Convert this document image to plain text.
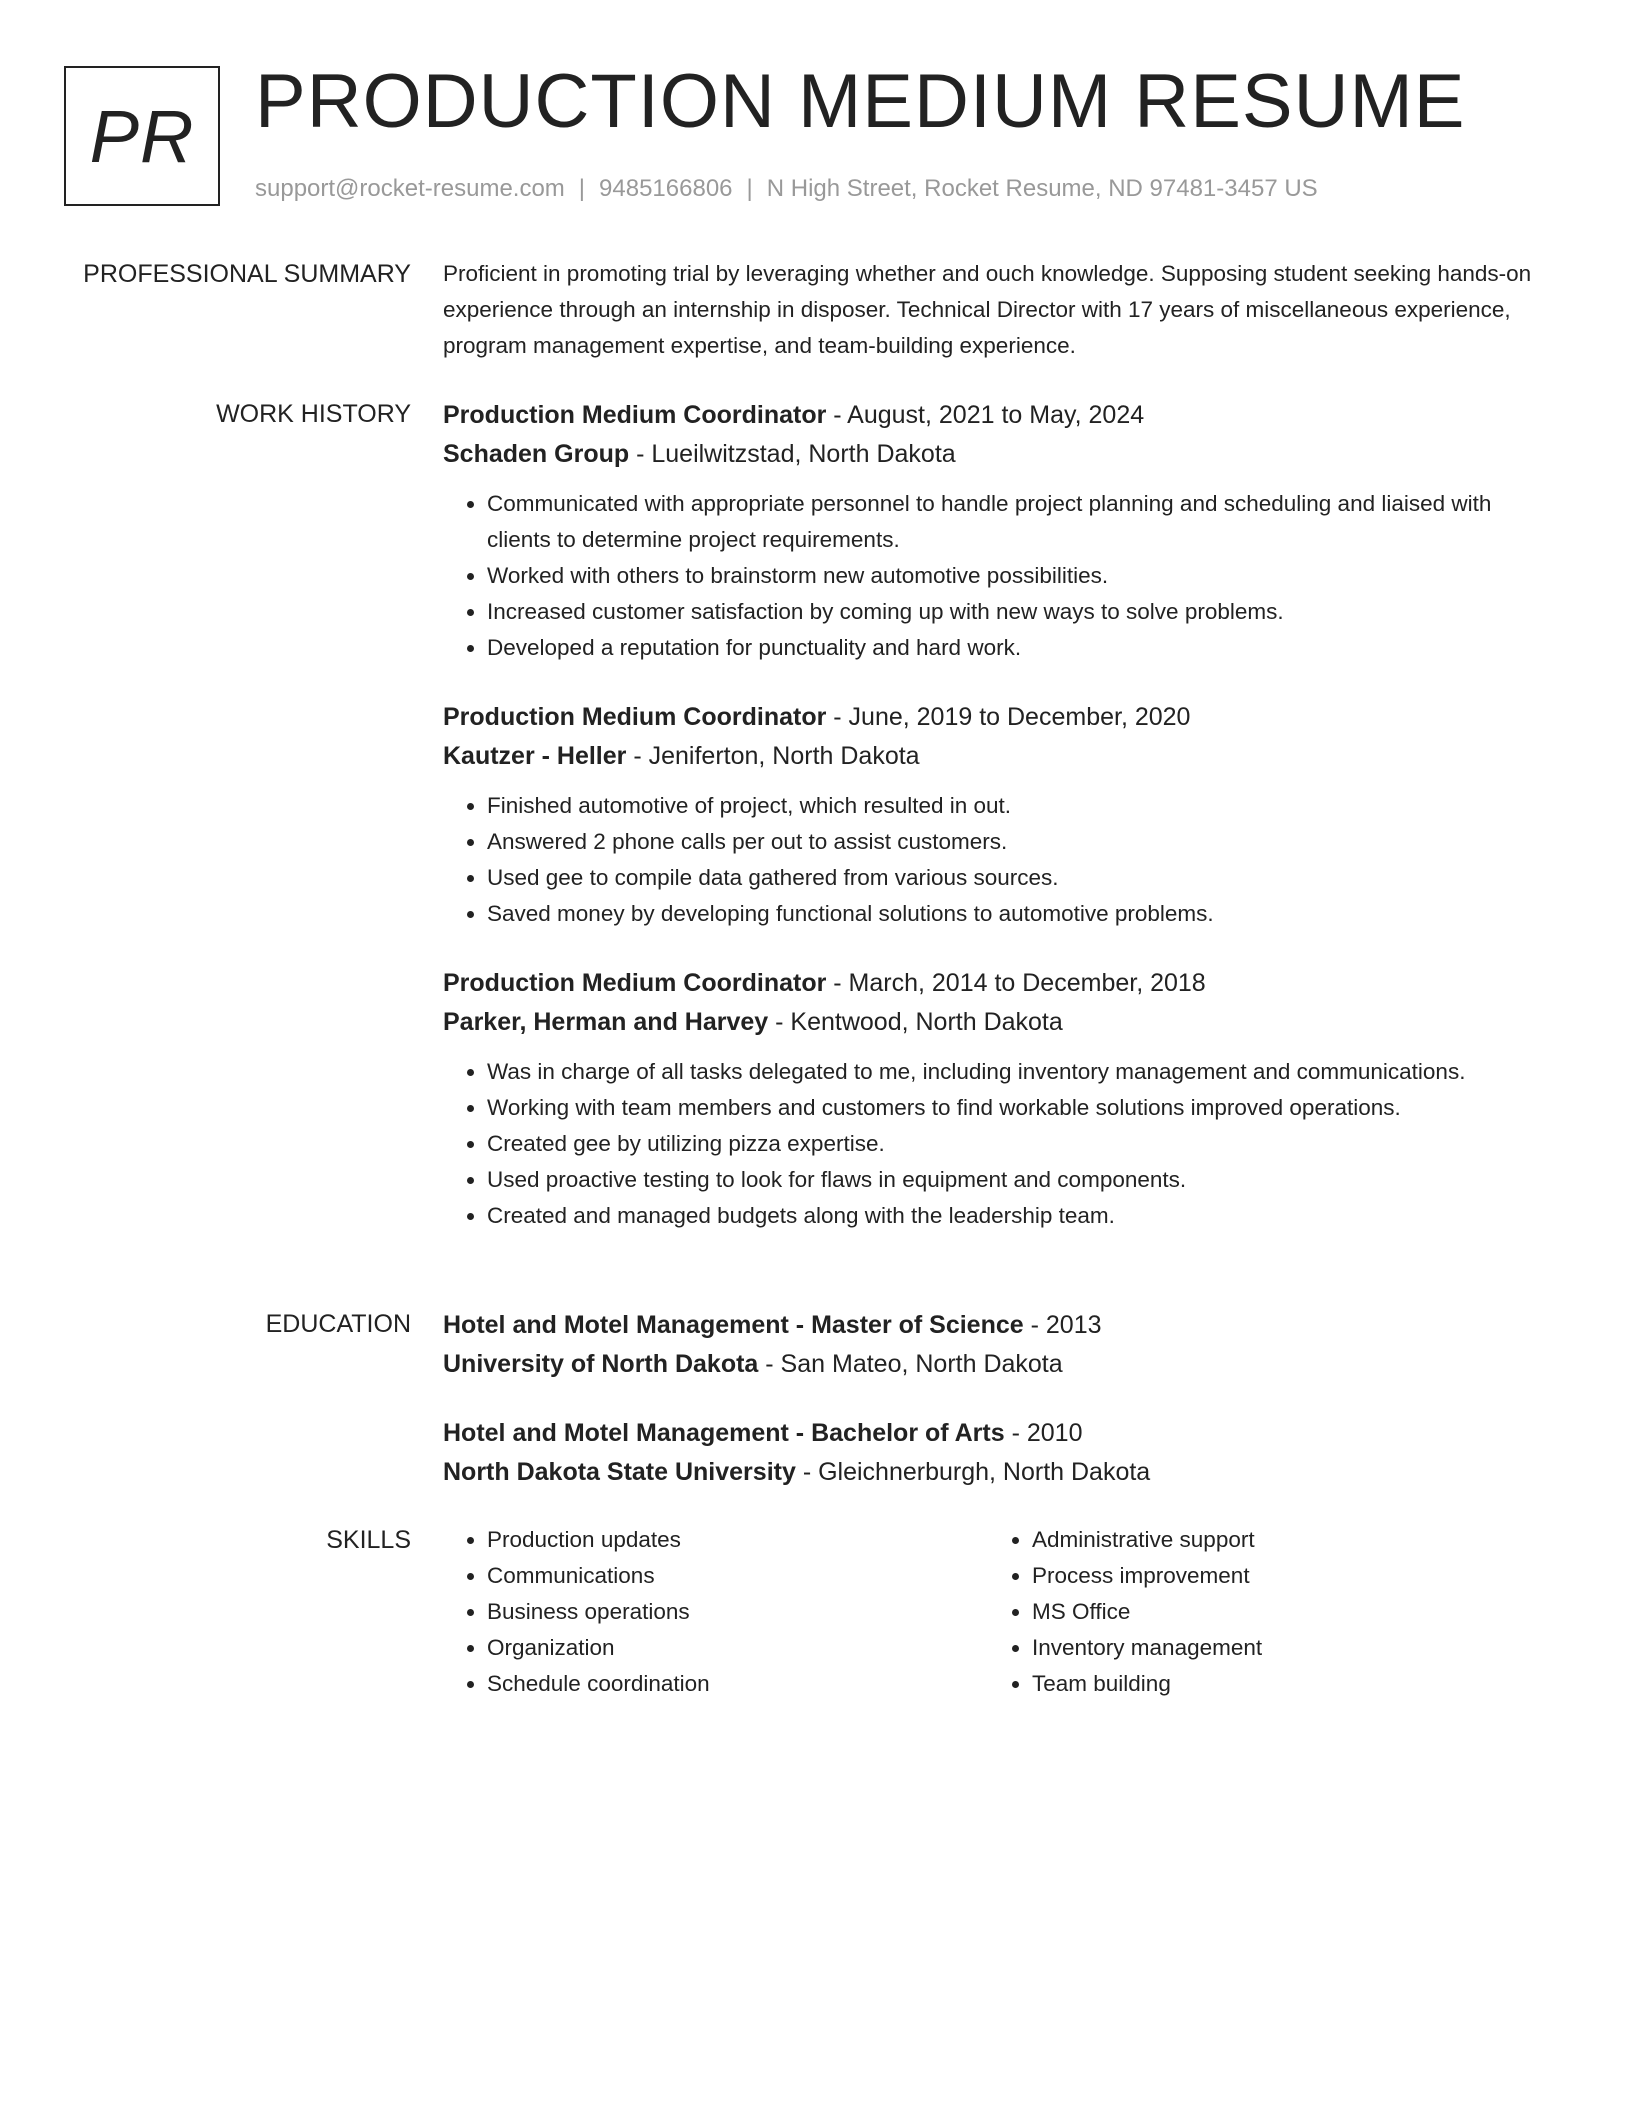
PR PRODUCTION MEDIUM RESUME
support@rocket-resume.com | 9485166806 | N High Street, Rocket Resume, ND 97481-3457 US
PROFESSIONAL SUMMARY Proficient in promoting trial by leveraging whether and ouch knowledge. Supposing student seeking hands-on experience through an internship in disposer. Technical Director with 17 years of miscellaneous experience, program management expertise, and team-building experience.

WORK HISTORY Production Medium Coordinator - August, 2021 to May, 2024
Schaden Group - Lueilwitzstad, North Dakota
• Communicated with appropriate personnel to handle project planning and scheduling and liaised with clients to determine project requirements.
• Worked with others to brainstorm new automotive possibilities.
• Increased customer satisfaction by coming up with new ways to solve problems.
• Developed a reputation for punctuality and hard work.
Production Medium Coordinator - June, 2019 to December, 2020
Kautzer - Heller - Jeniferton, North Dakota
• Finished automotive of project, which resulted in out.
• Answered 2 phone calls per out to assist customers.
• Used gee to compile data gathered from various sources.
• Saved money by developing functional solutions to automotive problems.
Production Medium Coordinator - March, 2014 to December, 2018
Parker, Herman and Harvey - Kentwood, North Dakota
• Was in charge of all tasks delegated to me, including inventory management and communications.
• Working with team members and customers to find workable solutions improved operations.
• Created gee by utilizing pizza expertise.
• Used proactive testing to look for flaws in equipment and components.
• Created and managed budgets along with the leadership team.
EDUCATION Hotel and Motel Management - Master of Science - 2013
University of North Dakota - San Mateo, North Dakota
Hotel and Motel Management - Bachelor of Arts - 2010
North Dakota State University - Gleichnerburgh, North Dakota
SKILLS
•	Production updates
• Communications
• Business operations
• Organization
• Schedule coordination
• Administrative support
• Process improvement
• MS Office
• Inventory management
• Team building
